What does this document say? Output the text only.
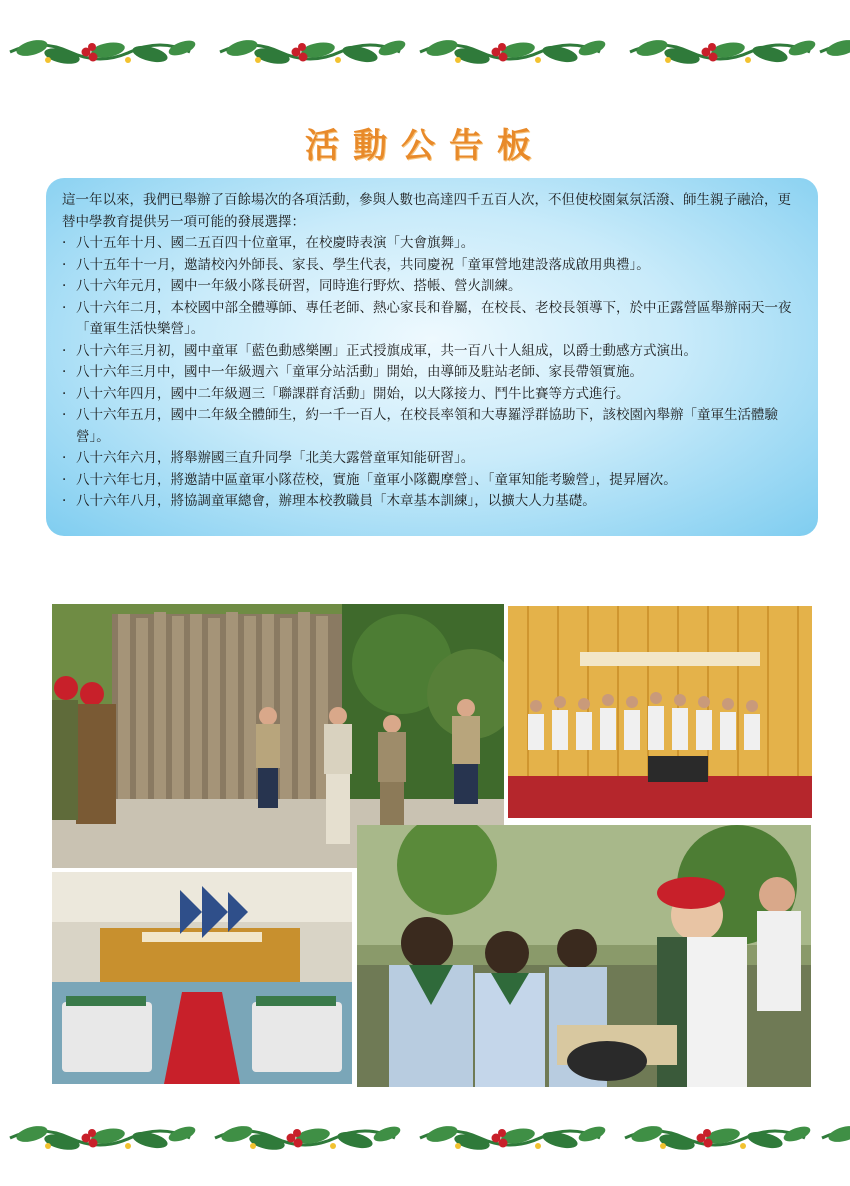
活動公告板

這一年以來，我們已舉辦了百餘場次的各項活動，參與人數也高達四千五百人次，不但使校園氣氛活潑、師生親子融洽，更替中學教育提供另一項可能的發展選擇：

· 八十五年十月、國二五百四十位童軍，在校慶時表演「大會旗舞」。
· 八十五年十一月，邀請校內外師長、家長、學生代表，共同慶祝「童軍營地建設落成啟用典禮」。
· 八十六年元月，國中一年級小隊長研習，同時進行野炊、搭帳、營火訓練。
· 八十六年二月，本校國中部全體導師、專任老師、熱心家長和眷屬，在校長、老校長領導下，於中正露營區舉辦兩天一夜「童軍生活快樂營」。
· 八十六年三月初，國中童軍「藍色動感樂團」正式授旗成軍，共一百八十人組成，以爵士動感方式演出。
· 八十六年三月中，國中一年級週六「童軍分站活動」開始，由導師及駐站老師、家長帶領實施。
· 八十六年四月，國中二年級週三「聯課群育活動」開始，以大隊接力、鬥牛比賽等方式進行。
· 八十六年五月，國中二年級全體師生，約一千一百人，在校長率領和大專羅浮群協助下，該校園內舉辦「童軍生活體驗營」。
· 八十六年六月，將舉辦國三直升同學「北美大露營童軍知能研習」。
· 八十六年七月，將邀請中區童軍小隊莅校，實施「童軍小隊觀摩營」、「童軍知能考驗營」，提昇層次。
· 八十六年八月，將協調童軍總會，辦理本校教職員「木章基本訓練」，以擴大人力基礎。
